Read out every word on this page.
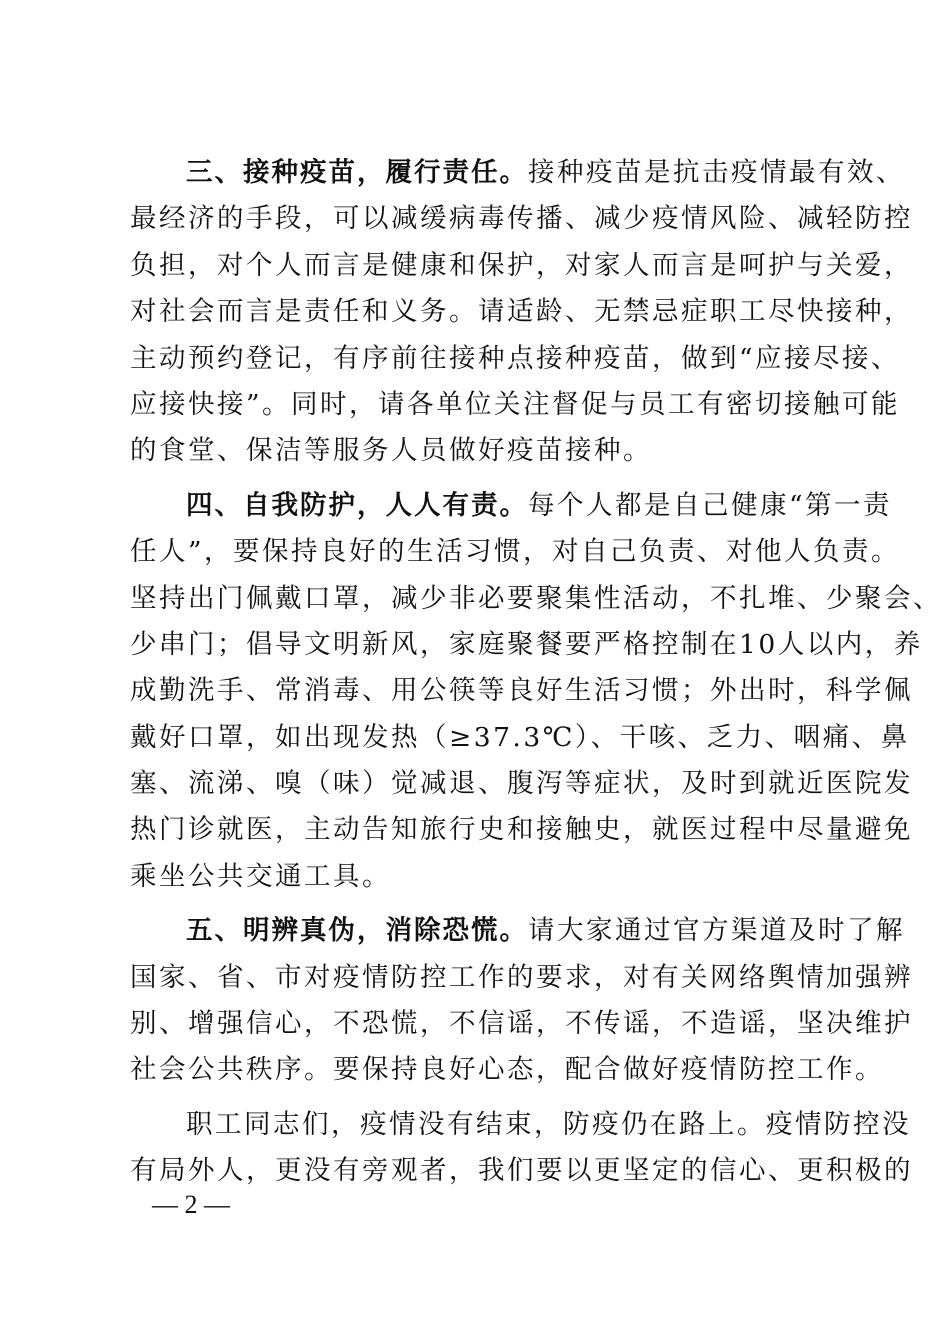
三、接种疫苗，履行责任。接种疫苗是抗击疫情最有效、
最经济的手段，可以减缓病毒传播、减少疫情风险、减轻防控
负担，对个人而言是健康和保护，对家人而言是呵护与关爱，
对社会而言是责任和义务。请适龄、无禁忌症职工尽快接种，
主动预约登记，有序前往接种点接种疫苗，做到“应接尽接、
应接快接”。同时，请各单位关注督促与员工有密切接触可能
的食堂、保洁等服务人员做好疫苗接种。
四、自我防护，人人有责。每个人都是自己健康“第一责
任人”，要保持良好的生活习惯，对自己负责、对他人负责。
坚持出门佩戴口罩，减少非必要聚集性活动，不扎堆、少聚会、
少串门；倡导文明新风，家庭聚餐要严格控制在10人以内，养
成勤洗手、常消毒、用公筷等良好生活习惯；外出时，科学佩
戴好口罩，如出现发热（≥37.3℃）、干咳、乏力、咽痛、鼻
塞、流涕、嗅（味）觉减退、腹泻等症状，及时到就近医院发
热门诊就医，主动告知旅行史和接触史，就医过程中尽量避免
乘坐公共交通工具。
五、明辨真伪，消除恐慌。请大家通过官方渠道及时了解
国家、省、市对疫情防控工作的要求，对有关网络舆情加强辨
别、增强信心，不恐慌，不信谣，不传谣，不造谣，坚决维护
社会公共秩序。要保持良好心态，配合做好疫情防控工作。
职工同志们，疫情没有结束，防疫仍在路上。疫情防控没
有局外人，更没有旁观者，我们要以更坚定的信心、更积极的
— 2 —
